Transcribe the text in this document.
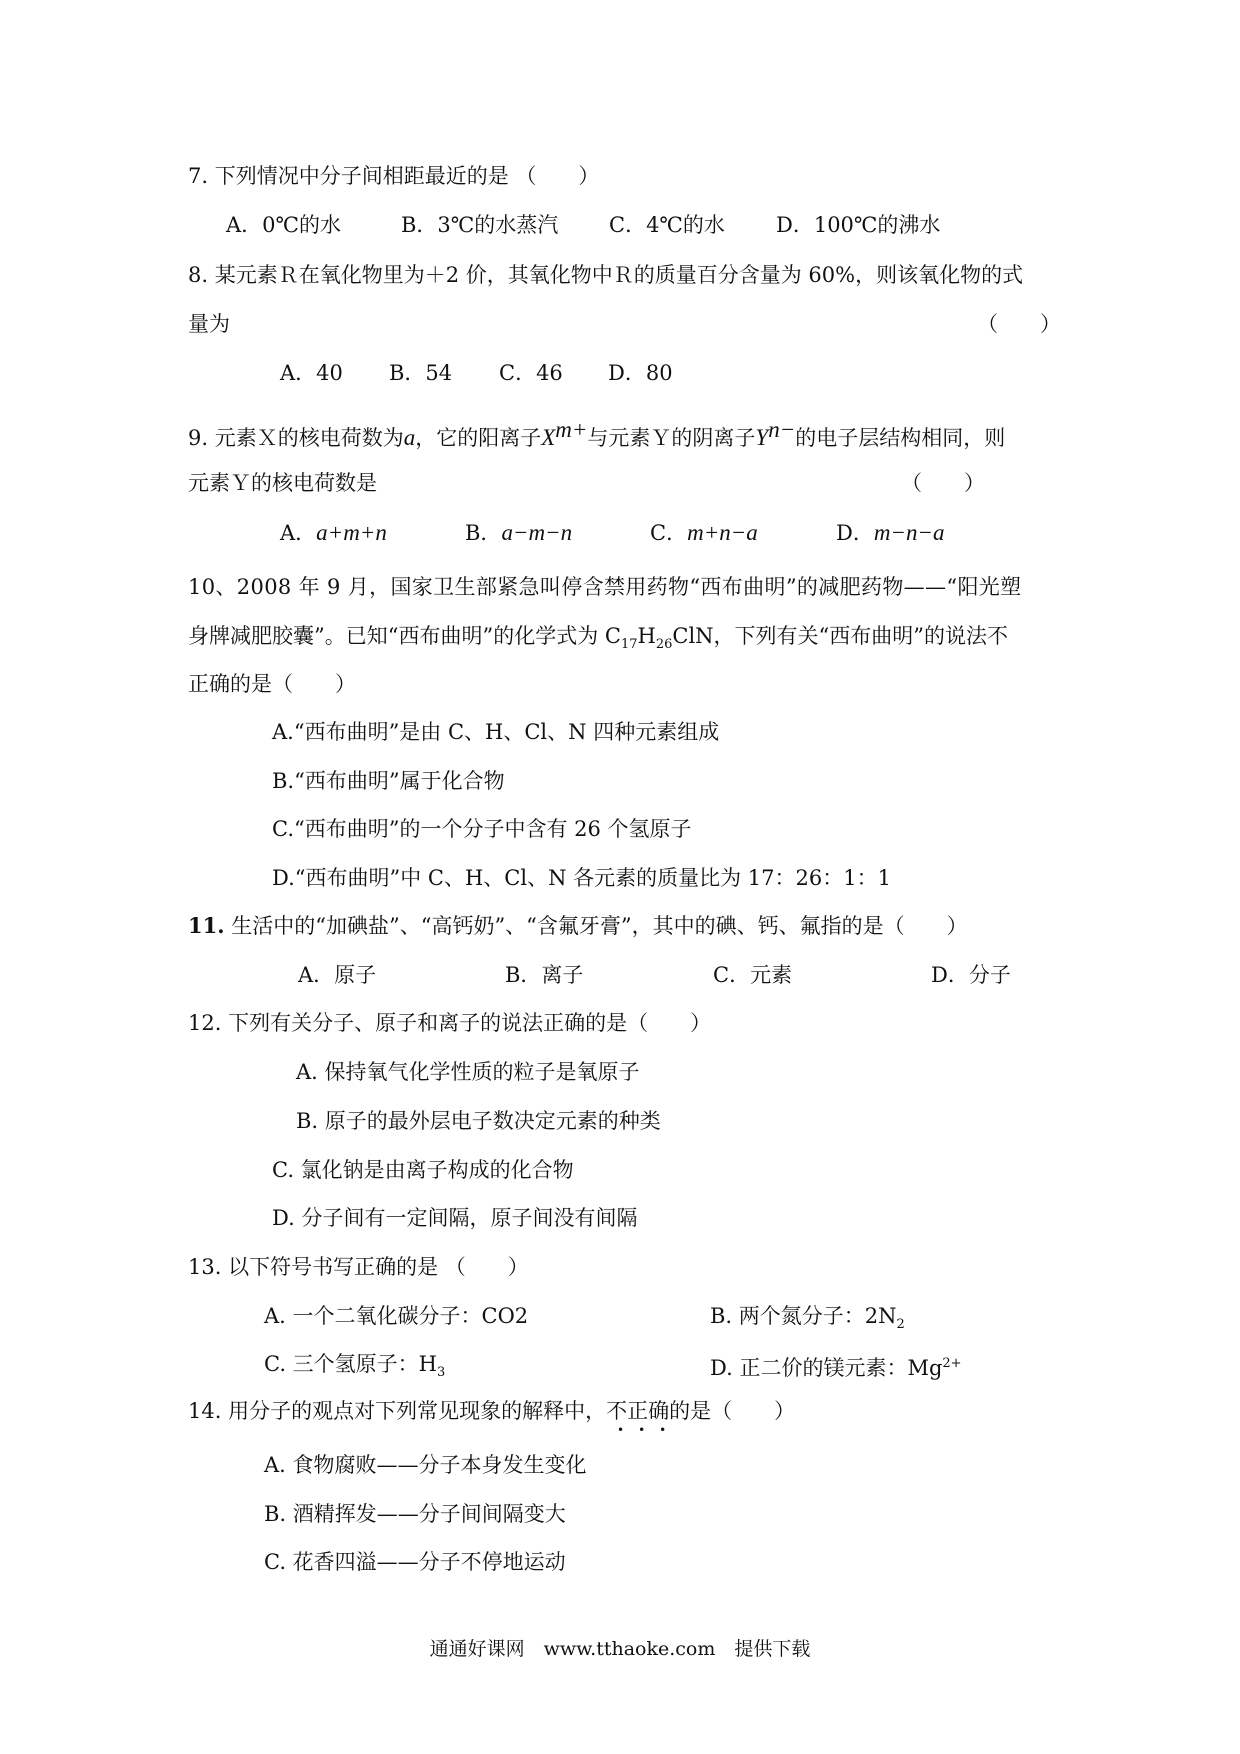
7. 下列情况中分子间相距最近的是 （　　）
A．0℃的水	B．3℃的水蒸汽 C．4℃的水 D．100℃的沸水
8. 某元素Ｒ在氧化物里为＋2 价，其氧化物中Ｒ的质量百分含量为 60%，则该氧化物的式
量为	（　　）
A．40 B．54 C．46 D．80
9. 元素Ｘ的核电荷数为a，它的阳离子$X^{m+}$与元素Ｙ的阴离子$Y^{n-}$的电子层结构相同，则
元素Ｙ的核电荷数是	（　　）
A．a+m+n	B．a−m−n	C．m+n−a	D．m−n−a
10、2008 年 9 月，国家卫生部紧急叫停含禁用药物“西布曲明”的减肥药物——“阳光塑
身牌减肥胶囊”。已知“西布曲明”的化学式为 $C_{17}H_{26}ClN$，下列有关“西布曲明”的说法不
正确的是（　　）
A.“西布曲明”是由 C、H、Cl、N 四种元素组成
B.“西布曲明”属于化合物
C.“西布曲明”的一个分子中含有 26 个氢原子
D.“西布曲明”中 C、H、Cl、N 各元素的质量比为 17：26：1：1
11. 生活中的“加碘盐”、“高钙奶”、“含氟牙膏”，其中的碘、钙、氟指的是（　　）
A．原子	B．离子	C．元素	D．分子
12. 下列有关分子、原子和离子的说法正确的是（　　）
A. 保持氧气化学性质的粒子是氧原子
B. 原子的最外层电子数决定元素的种类
C. 氯化钠是由离子构成的化合物
D. 分子间有一定间隔，原子间没有间隔
13. 以下符号书写正确的是 （　　）
A. 一个二氧化碳分子：CO2	B. 两个氮分子：$2N_2$
C. 三个氢原子：$H_3$	D. 正二价的镁元素：$Mg^{2+}$
14. 用分子的观点对下列常见现象的解释中，不正确的是（　　）
•••
A. 食物腐败——分子本身发生变化
B. 酒精挥发——分子间间隔变大
C. 花香四溢——分子不停地运动
通通好课网　www.tthaoke.com　提供下载
